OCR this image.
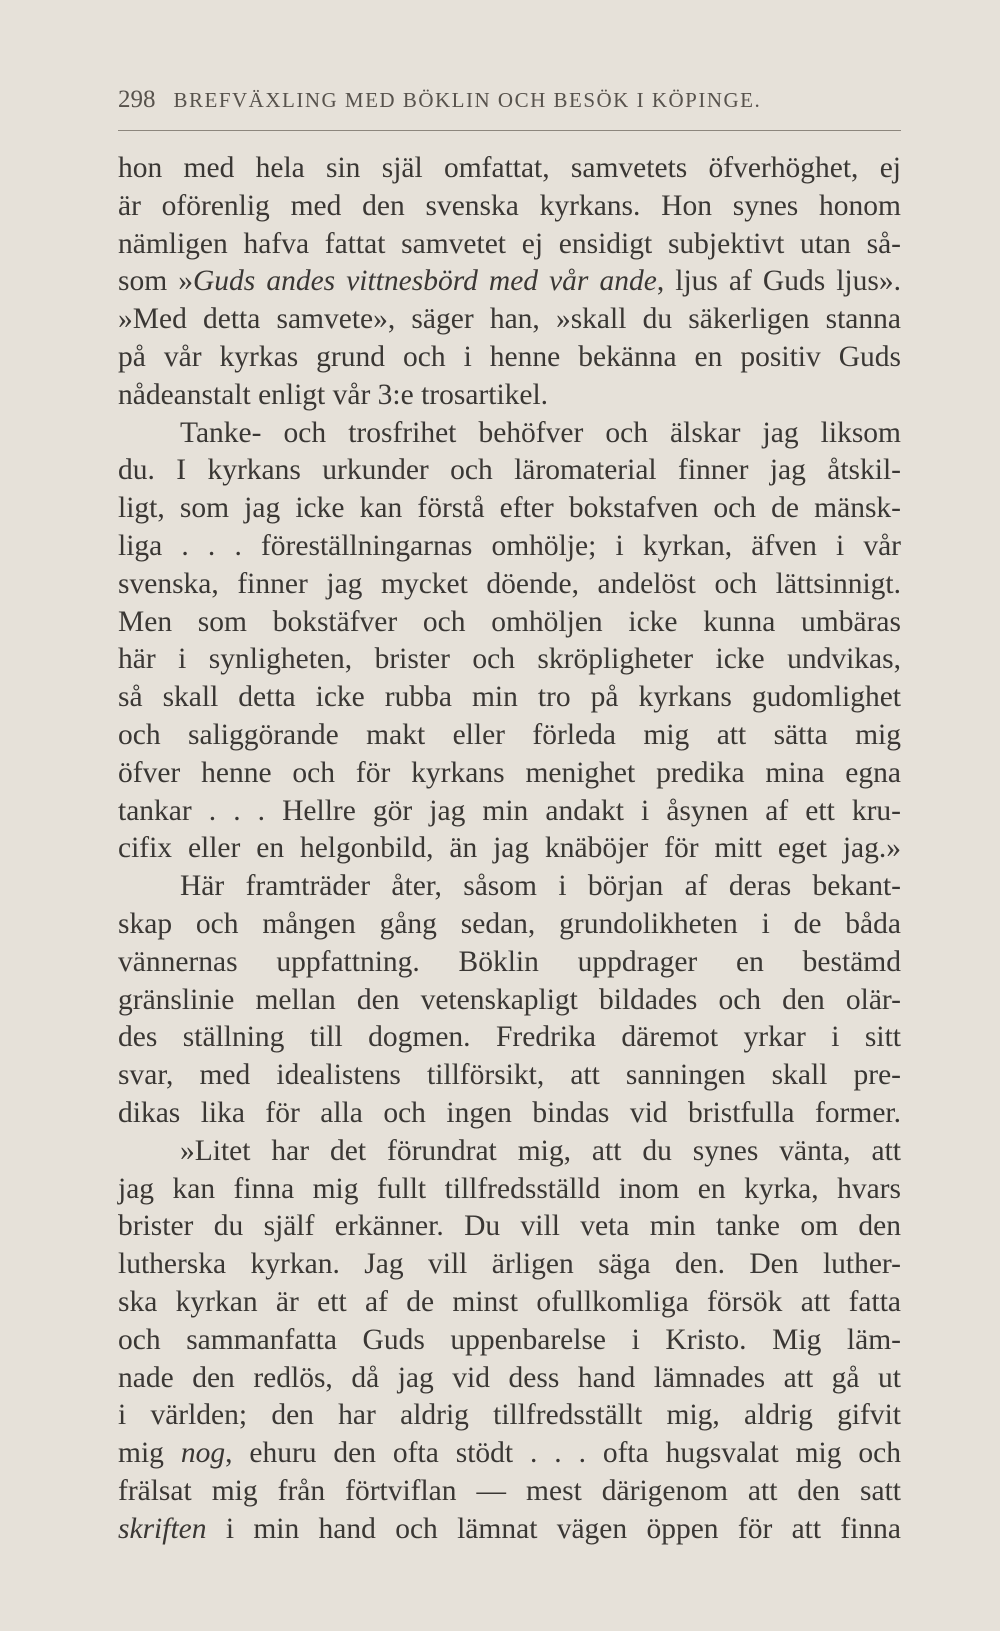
298 BREFVÄXLING MED BÖKLIN OCH BESÖK I KÖPINGE.
hon med hela sin själ omfattat, samvetets öfverhöghet, ej
är oförenlig med den svenska kyrkans. Hon synes honom
nämligen hafva fattat samvetet ej ensidigt subjektivt utan så-
som »Guds andes vittnesbörd med vår ande, ljus af Guds ljus».
»Med detta samvete», säger han, »skall du säkerligen stanna
på vår kyrkas grund och i henne bekänna en positiv Guds
nådeanstalt enligt vår 3:e trosartikel.
Tanke- och trosfrihet behöfver och älskar jag liksom
du. I kyrkans urkunder och läromaterial finner jag åtskil-
ligt, som jag icke kan förstå efter bokstafven och de mänsk-
liga . . . föreställningarnas omhölje; i kyrkan, äfven i vår
svenska, finner jag mycket döende, andelöst och lättsinnigt.
Men som bokstäfver och omhöljen icke kunna umbäras
här i synligheten, brister och skröpligheter icke undvikas,
så skall detta icke rubba min tro på kyrkans gudomlighet
och saliggörande makt eller förleda mig att sätta mig
öfver henne och för kyrkans menighet predika mina egna
tankar . . . Hellre gör jag min andakt i åsynen af ett kru-
cifix eller en helgonbild, än jag knäböjer för mitt eget jag.»
Här framträder åter, såsom i början af deras bekant-
skap och mången gång sedan, grundolikheten i de båda
vännernas uppfattning. Böklin uppdrager en bestämd
gränslinie mellan den vetenskapligt bildades och den olär-
des ställning till dogmen. Fredrika däremot yrkar i sitt
svar, med idealistens tillförsikt, att sanningen skall pre-
dikas lika för alla och ingen bindas vid bristfulla former.
»Litet har det förundrat mig, att du synes vänta, att
jag kan finna mig fullt tillfredsställd inom en kyrka, hvars
brister du själf erkänner. Du vill veta min tanke om den
lutherska kyrkan. Jag vill ärligen säga den. Den luther-
ska kyrkan är ett af de minst ofullkomliga försök att fatta
och sammanfatta Guds uppenbarelse i Kristo. Mig läm-
nade den redlös, då jag vid dess hand lämnades att gå ut
i världen; den har aldrig tillfredsställt mig, aldrig gifvit
mig nog, ehuru den ofta stödt . . . ofta hugsvalat mig och
frälsat mig från förtviflan — mest därigenom att den satt
skriften i min hand och lämnat vägen öppen för att finna
